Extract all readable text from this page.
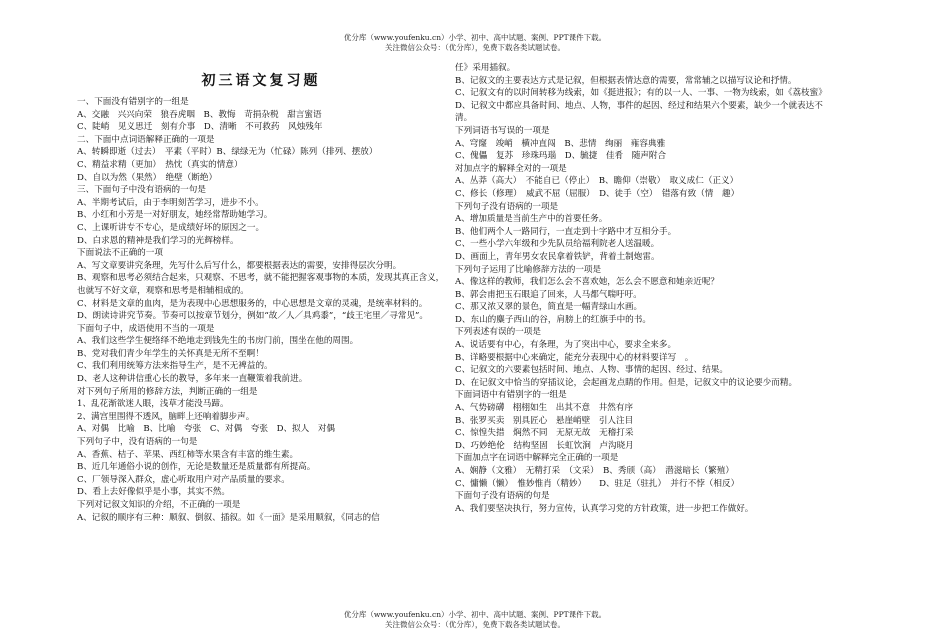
优分库（www.youfenku.cn）小学、初中、高中试题、案例、PPT课件下载。
关注微信公众号：（优分库），免费下载各类试题试卷。
初三语文复习题
一、下面没有错别字的一组是
A、交融　兴兴向荣　狼吞虎咽　B、教悔　苛捐杂税　甜言蜜语
C、陡峭　见义思迁　刻有介事　D、清晰　不可救药　风烛残年
二、下面中点词语解释正确的一项是
A、转瞬即逝（过去）　平素（平时）B、绿绿无为（忙碌）陈列（排列、摆放）
C、精益求精（更加）　热忱（真实的情意）
D、自以为然（果然）　绝壁（断绝）
三、下面句子中没有语病的一句是
A、半期考试后，由于李明刻苦学习，进步不小。
B、小红和小芳是一对好朋友，她经常帮助她学习。
C、上课听讲专不专心，是成绩好坏的原因之一。
D、白求恩的精神是我们学习的光辉榜样。
下面说法不正确的一项
A、写文章要讲究条理，先写什么后写什么，都要根据表达的需要，安排得层次分明。
B、观察和思考必须结合起来，只观察、不思考，就不能把握客观事物的本质，发现其真正含义，也就写不好文章，观察和思考是相辅相成的。
C、材料是文章的血肉，是为表现中心思想服务的，中心思想是文章的灵魂，是统率材料的。
D、朗读诗讲究节奏。节奏可以按章节划分，例如“故／人／具鸡黍”，“歧王宅里／寻常见”。
下面句子中，成语使用不当的一项是
A、我们这些学生便络绎不绝地走到钱先生的书房门前，围坐在他的周围。
B、党对我们青少年学生的关怀真是无所不至啊！
C、我们利用统筹方法来指导生产，是不无裨益的。
D、老人这种讲信重心长的教导，多年来一直鞭策着我前进。
对下列句子所用的修辞方法，判断正确的一组是
1、乱花渐欲迷人眼，浅草才能没马蹄。
2、满宫里围得不透风，脑畔上还响着脚步声。
A、对偶　比喻　B、比喻　夸张　C、对偶　夸张　D、拟人　对偶
下列句子中，没有语病的一句是
A、香蕉、桔子、苹果、西红柿等水果含有丰富的维生素。
B、近几年通俗小说的创作，无论是数量还是质量都有所提高。
C、厂领导深入群众，虚心听取用户对产品质量的要求。
D、看上去好像似乎是小事，其实不然。
下列对记叙文知识的介绍，不正确的一项是
A、记叙的顺序有三种：顺叙、倒叙、插叙。如《一面》是采用顺叙，《同志的信
任》采用插叙。
B、记叙文的主要表达方式是记叙，但根据表情达意的需要，常常辅之以描写议论和抒情。
C、记叙文有的以时间转移为线索，如《挺进报》；有的以一人、一事、一物为线索，如《荔枝蜜》
D、记叙文中都应具备时间、地点、人物，事件的起因、经过和结果六个要素，缺少一个就表达不清。
下列词语书写误的一项是
A、穹窿　竣峭　横冲直闯　B、悲情　绚丽　雍容典雅
C、傀儡　复苏　珍珠玛瑙　D、毓捷　佳肴　随声附合
对加点字的解释全对的一项是
A、丛莽（高大）　不能自已（停止）　B、瞻仰（崇敬）　取义成仁（正义）
C、修长（修理）　威武不屈（屈服）　D、徒手（空）　错落有致（情　趣）
下列句子没有语病的一项是
A、增加质量是当前生产中的首要任务。
B、他们两个人一路同行，一直走到十字路中才互相分手。
C、一些小学六年级和少先队员给福利院老人送温暖。
D、画面上，青年男女农民拿着铁铲，背着土制炮雷。
下列句子运用了比喻修辞方法的一项是
A、像这样的教师，我们怎么会不喜欢她，怎么会不愿意和她亲近呢？
B、郭会甫把玉石眼追了回来，人马都气喘吁吁。
C、那又浓又翠的景色，简直是一幅青绿山水画。
D、东山的麋子西山的谷，肩膀上的红旗手中的书。
下列表述有误的一项是
A、说话要有中心，有条理，为了突出中心，要求全来多。
B、详略要根据中心来确定，能充分表现中心的材料要详写　。
C、记叙文的六要素包括时间、地点、人物、事情的起因、经过、结果。
D、在记叙文中恰当的穿插议论，会起画龙点睛的作用。但是，记叙文中的议论要少而精。
下面词语中有错别字的一组是
A、气势磅礴　栩栩如生　出其不意　井然有序
B、张罗买卖　别具匠心　悬崖峭壁　引人注目
C、惊惶失措　焖然不同　无原无故　无稽打采
D、巧妙绝伦　结构坚固　长虹饮涧　卢沟晓月
下面加点字在词语中解释完全正确的一项是
A、娴静（文雅）　无精打采　（文采）　B、秀颀（高）　潜滋暗长（繁殖）
C、慵懒（懒）　惟妙惟肖（精妙）　　D、驻足（驻扎）　并行不悖（相反）
下面句子没有语病的句是
A、我们要坚决执行，努力宣传，认真学习党的方针政策，进一步把工作做好。
优分库（www.youfenku.cn）小学、初中、高中试题、案例、PPT课件下载。
关注微信公众号：（优分库），免费下载各类试题试卷。
